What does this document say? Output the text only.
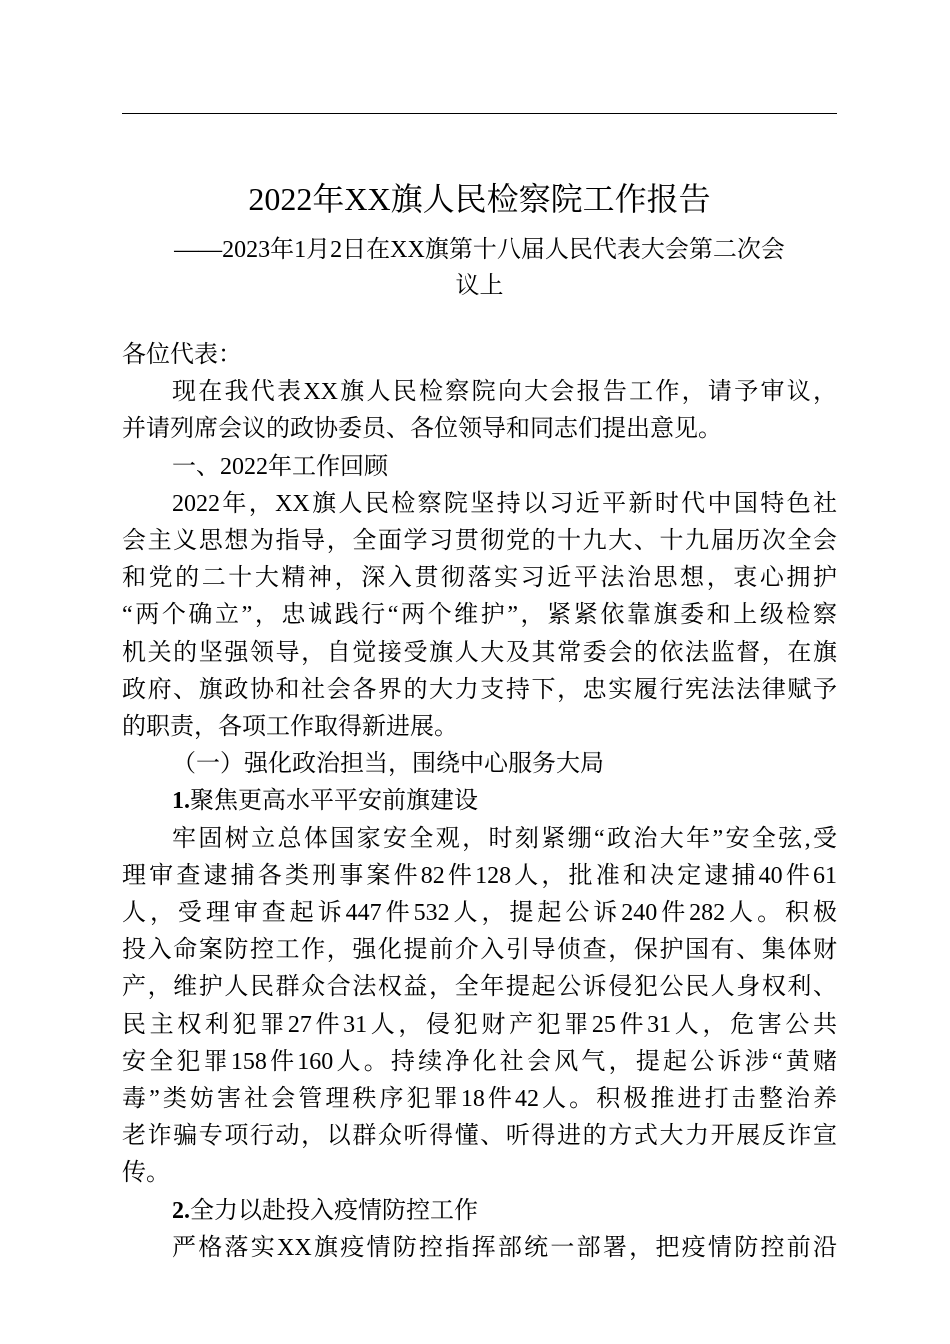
2022年XX旗人民检察院工作报告
——2023年1月2日在XX旗第十八届人民代表大会第二次会
议上
各位代表：
现在我代表XX旗人民检察院向大会报告工作，请予审议，
并请列席会议的政协委员、各位领导和同志们提出意见。
一、2022年工作回顾
2022年，XX旗人民检察院坚持以习近平新时代中国特色社
会主义思想为指导，全面学习贯彻党的十九大、十九届历次全会
和党的二十大精神，深入贯彻落实习近平法治思想，衷心拥护
“两个确立”，忠诚践行“两个维护”，紧紧依靠旗委和上级检察
机关的坚强领导，自觉接受旗人大及其常委会的依法监督，在旗
政府、旗政协和社会各界的大力支持下，忠实履行宪法法律赋予
的职责，各项工作取得新进展。
（一）强化政治担当，围绕中心服务大局
1.聚焦更高水平平安前旗建设
牢固树立总体国家安全观，时刻紧绷“政治大年”安全弦,受
理审查逮捕各类刑事案件82件128人，批准和决定逮捕40件61
人，受理审查起诉447件532人，提起公诉240件282人。积极
投入命案防控工作，强化提前介入引导侦查，保护国有、集体财
产，维护人民群众合法权益，全年提起公诉侵犯公民人身权利、
民主权利犯罪27件31人，侵犯财产犯罪25件31人，危害公共
安全犯罪158件160人。持续净化社会风气，提起公诉涉“黄赌
毒”类妨害社会管理秩序犯罪18件42人。积极推进打击整治养
老诈骗专项行动，以群众听得懂、听得进的方式大力开展反诈宣
传。
2.全力以赴投入疫情防控工作
严格落实XX旗疫情防控指挥部统一部署，把疫情防控前沿
